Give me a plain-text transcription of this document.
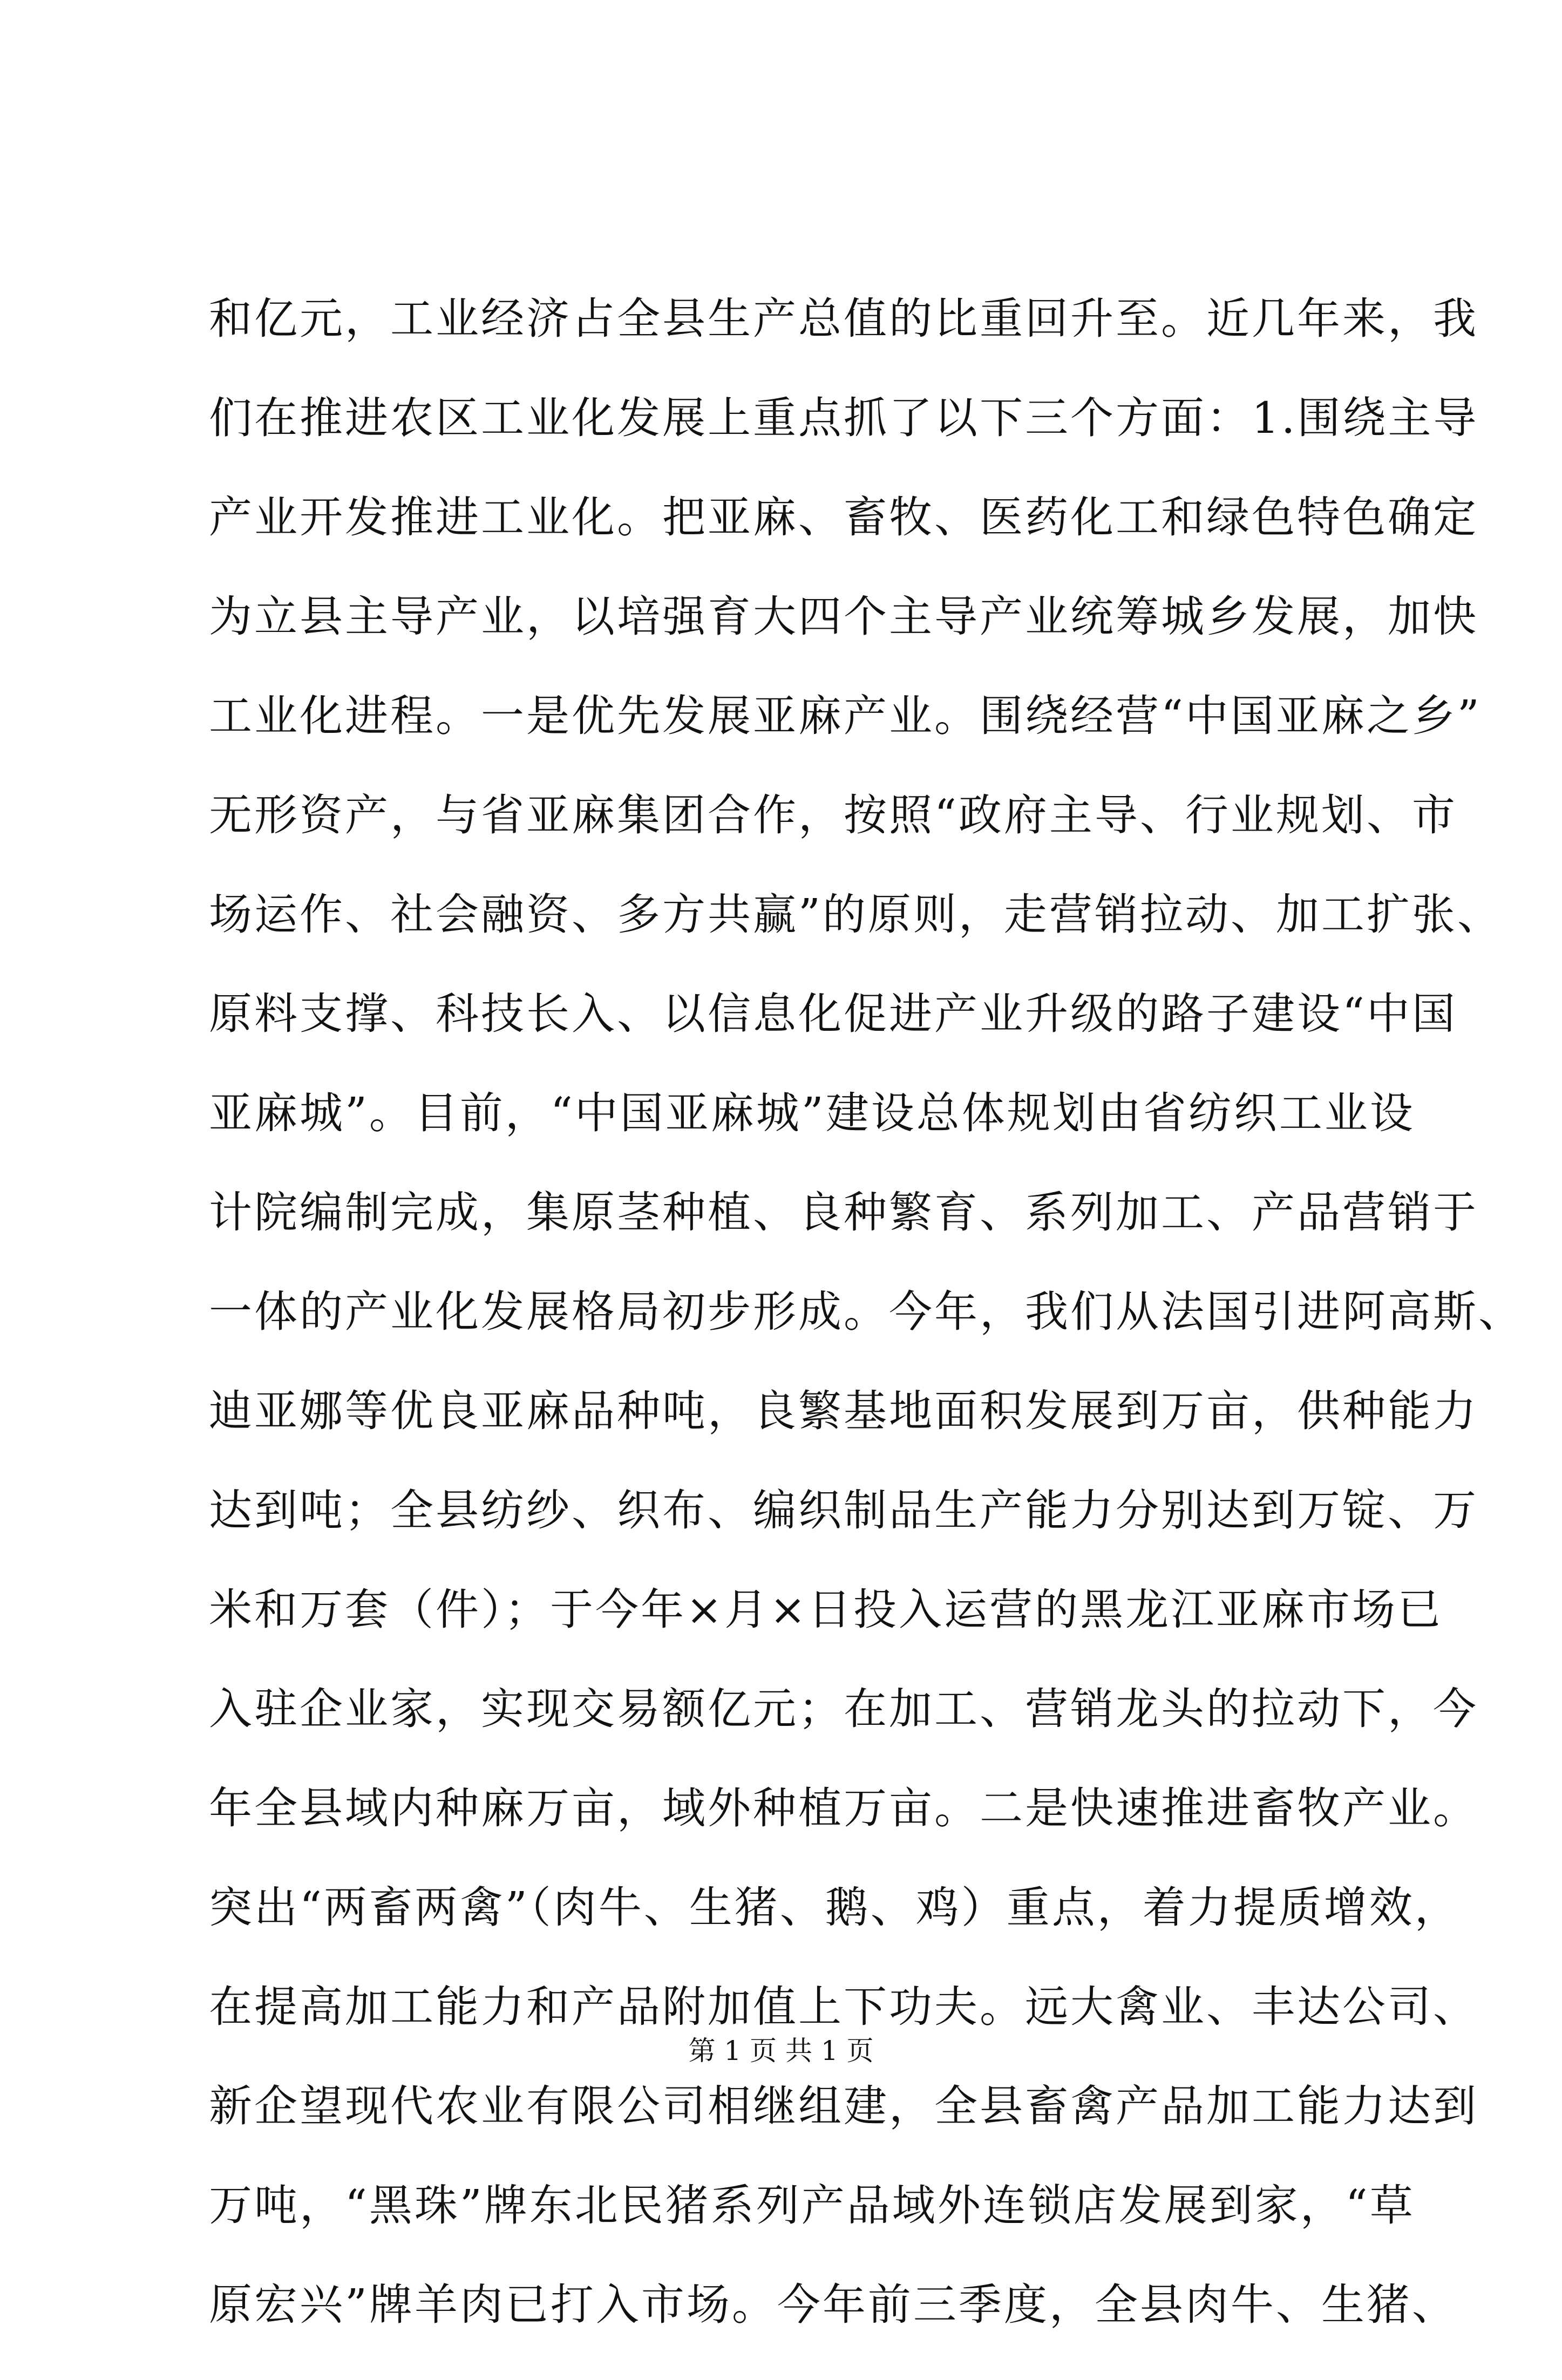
和亿元，工业经济占全县生产总值的比重回升至。近几年来，我
们在推进农区工业化发展上重点抓了以下三个方面：1.围绕主导
产业开发推进工业化。把亚麻、畜牧、医药化工和绿色特色确定
为立县主导产业，以培强育大四个主导产业统筹城乡发展，加快
工业化进程。一是优先发展亚麻产业。围绕经营“中国亚麻之乡”
无形资产，与省亚麻集团合作，按照“政府主导、行业规划、市
场运作、社会融资、多方共赢”的原则，走营销拉动、加工扩张、
原料支撑、科技长入、以信息化促进产业升级的路子建设“中国
亚麻城”。目前，“中国亚麻城”建设总体规划由省纺织工业设
计院编制完成，集原茎种植、良种繁育、系列加工、产品营销于
一体的产业化发展格局初步形成。今年，我们从法国引进阿高斯、
迪亚娜等优良亚麻品种吨，良繁基地面积发展到万亩，供种能力
达到吨；全县纺纱、织布、编织制品生产能力分别达到万锭、万
米和万套（件）；于今年×月×日投入运营的黑龙江亚麻市场已
入驻企业家，实现交易额亿元；在加工、营销龙头的拉动下，今
年全县域内种麻万亩，域外种植万亩。二是快速推进畜牧产业。
突出“两畜两禽”（肉牛、生猪、鹅、鸡）重点，着力提质增效，
在提高加工能力和产品附加值上下功夫。远大禽业、丰达公司、
新企望现代农业有限公司相继组建，全县畜禽产品加工能力达到
万吨，“黑珠”牌东北民猪系列产品域外连锁店发展到家，“草
原宏兴”牌羊肉已打入市场。今年前三季度，全县肉牛、生猪、
第 1 页 共 1 页
